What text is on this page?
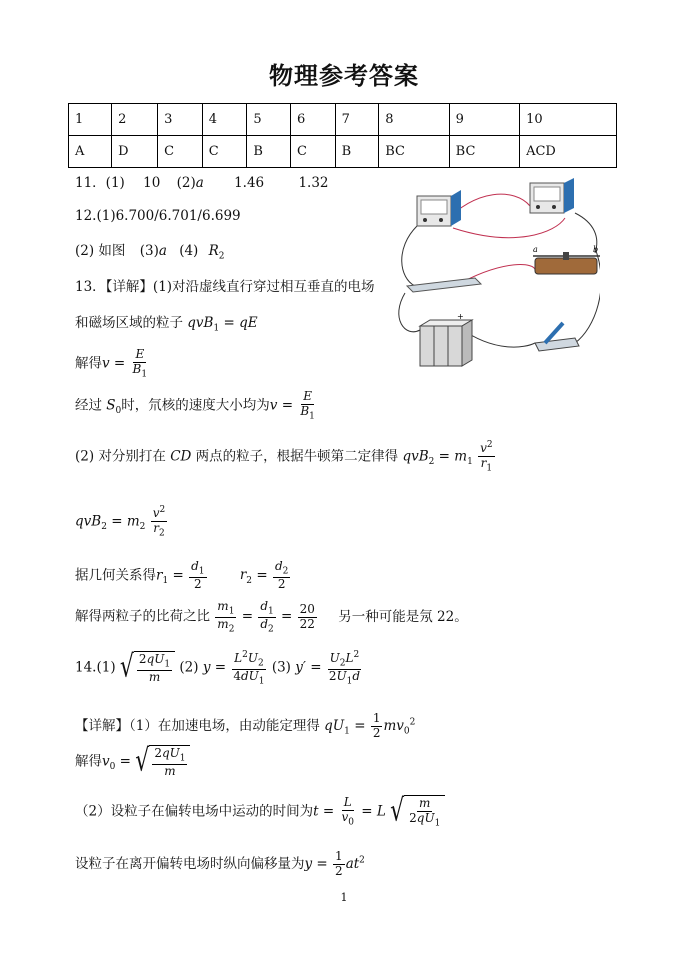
物理参考答案
1	2	3	4	5	6	7	8	9	10
A	D	C	C	B	C	B	BC	BC	ACD
11．(1) 10 (2)a 1.46	1.32
12.(1)6.700/6.701/6.699
(2) 如图 (3)a (4) $R_2$
13．【详解】(1)对沿虚线直行穿过相互垂直的电场
和磁场区域的粒子 qvB$_1$ = qE
解得$v = \frac{E}{B_1}$
经过 $S_0$时，氘核的速度大小均为$v = \frac{E}{B_1}$
(2) 对分别打在 CD 两点的粒子，根据牛顿第二定律得 $qvB_2 = m_1 \frac{v^2}{r_1}$
$qvB_2 = m_2 \frac{v^2}{r_2}$
据几何关系得$r_1 = \frac{d_1}{2} r_2 = \frac{d_2}{2}$
解得两粒子的比荷之比 $\frac{m_1}{m_2} = \frac{d_1}{d_2} = \frac{20}{22}$ 另一种可能是氖 22。
14.(1) √ $\frac{2qU_1}{m} (2) y = \frac{L^2U_2}{4dU_1} (3) y' = \frac{U_2L^2}{2U_1d}$
【详解】（1）在加速电场，由动能定理得 $qU_1 = \frac{1}{2} mv_0^2$
解得$v_0$ = √ $\frac{2qU_1}{m}$
（2）设粒子在偏转电场中运动的时间为$t = \frac{L}{v_0} = L$ √ $\frac{m}{2qU_1}$
设粒子在离开偏转电场时纵向偏移量为$y = \frac{1}{2} at^2$
a	b
+
1
